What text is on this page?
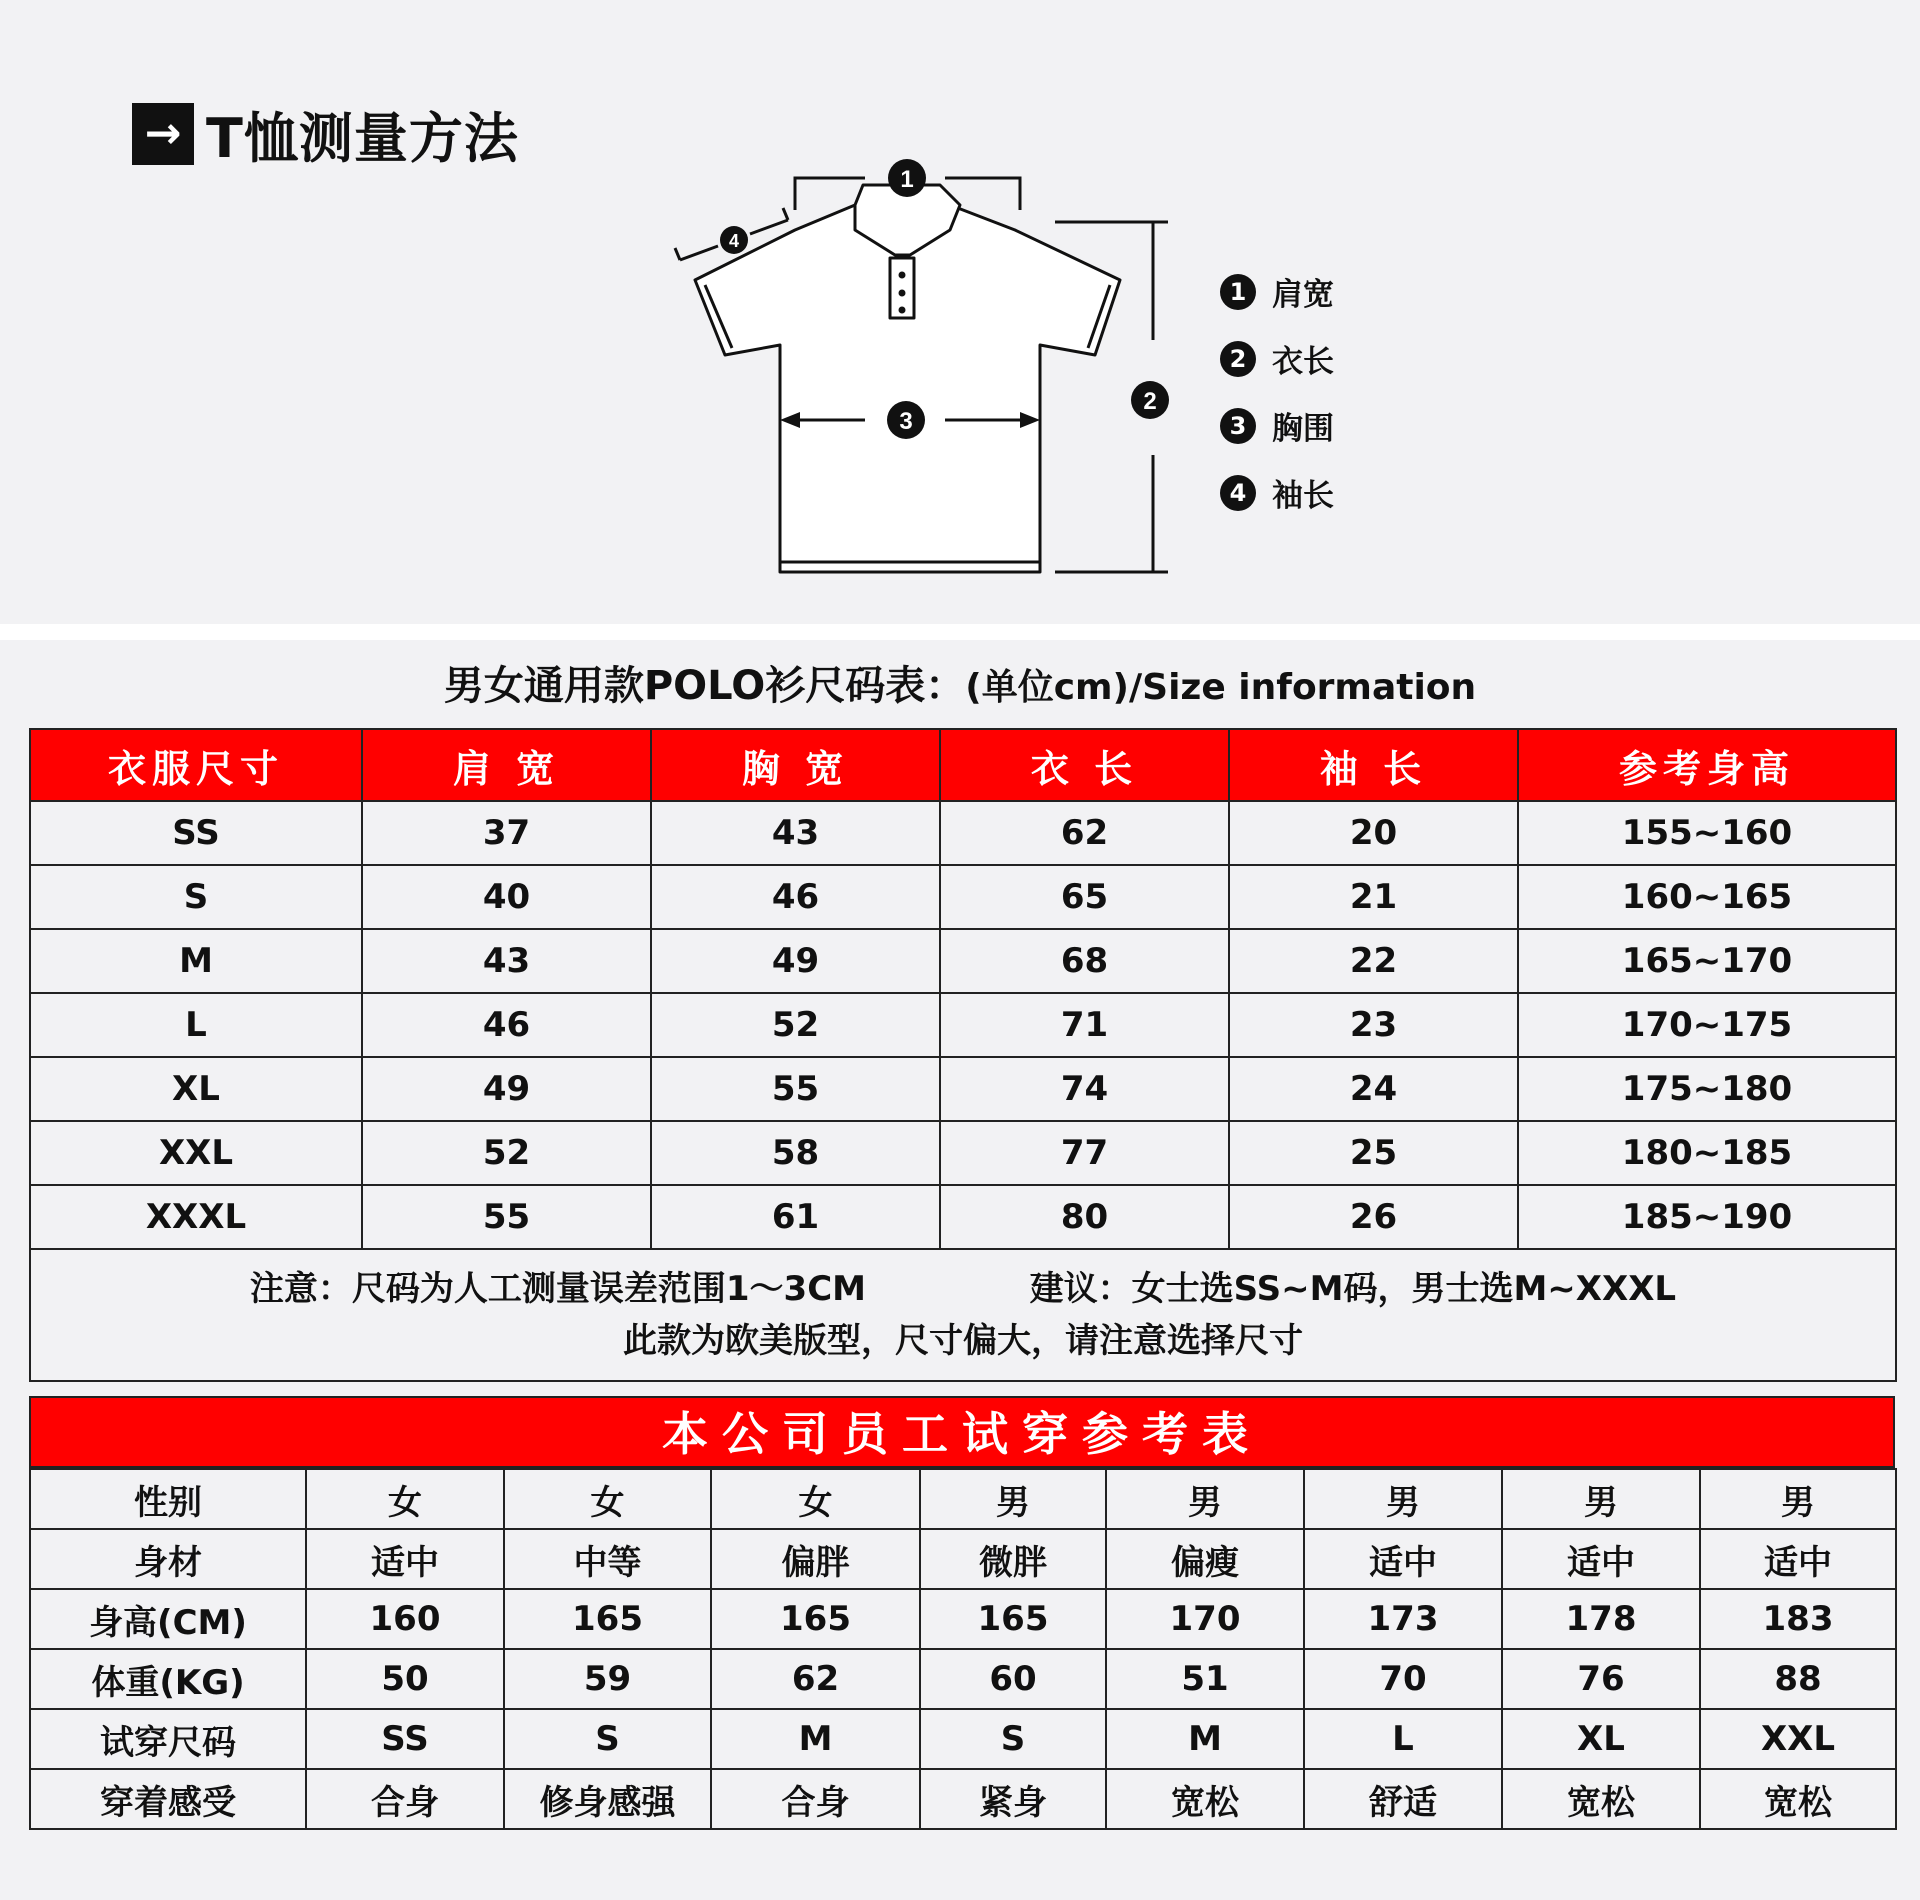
→ T恤测量方法
1
2
3
4
1 肩宽
2 衣长
3 胸围
4 袖长
男女通用款POLO衫尺码表：(单位cm)/Size information
衣服尺寸	肩 宽	胸 宽	衣 长	袖 长	参考身高
SS	37	43	62	20	155~160
S	40	46	65	21	160~165
M	43	49	68	22	165~170
L	46	52	71	23	170~175
XL	49	55	74	24	175~180
XXL	52	58	77	25	180~185
XXXL	55	61	80	26	185~190

注意：尺码为人工测量误差范围1～3CM 建议：女士选SS~M码，男士选M~XXXL
此款为欧美版型，尺寸偏大，请注意选择尺寸					
本公司员工试穿参考表
性别	女	女	女	男	男	男	男	男
身材	适中	中等	偏胖	微胖	偏瘦	适中	适中	适中
身高(CM)	160	165	165	165	170	173	178	183
体重(KG)	50	59	62	60	51	70	76	88
试穿尺码	SS	S	M	S	M	L	XL	XXL
穿着感受	合身	修身感强	合身	紧身	宽松	舒适	宽松	宽松
